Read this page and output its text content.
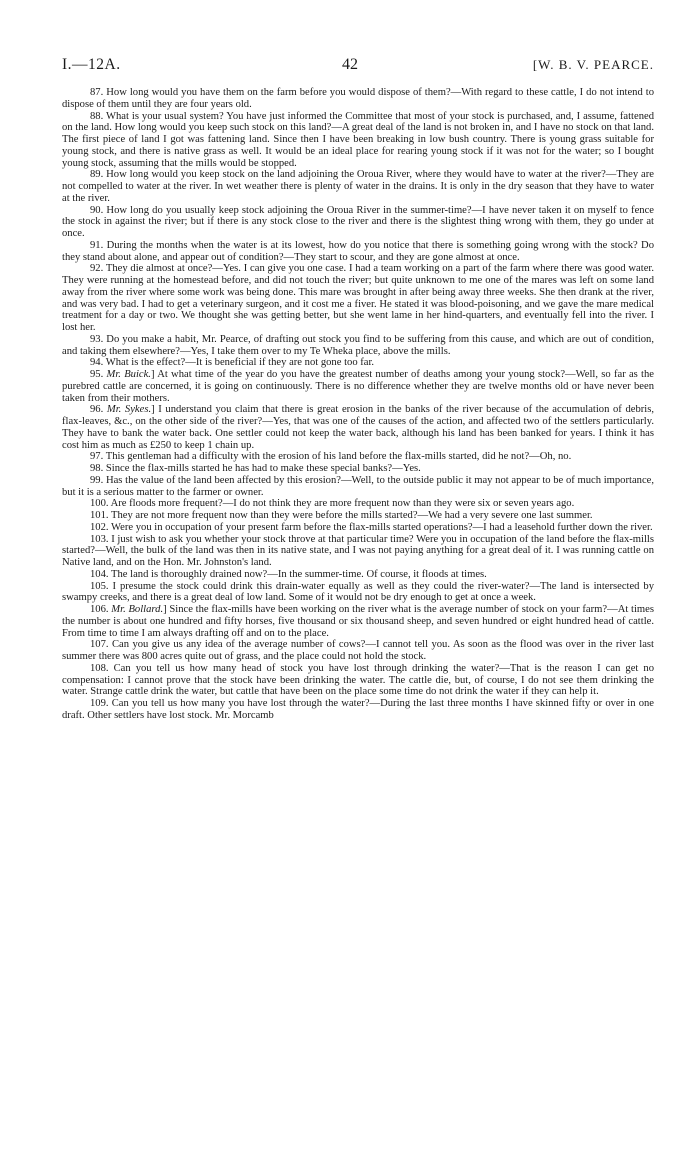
I.—12A.	42	[W. B. V. PEARCE.

87. How long would you have them on the farm before you would dispose of them?—With regard to these cattle, I do not intend to dispose of them until they are four years old.

88. What is your usual system? You have just informed the Committee that most of your stock is purchased, and, I assume, fattened on the land. How long would you keep such stock on this land?—A great deal of the land is not broken in, and I have no stock on that land. The first piece of land I got was fattening land. Since then I have been breaking in low bush country. There is young grass suitable for young stock, and there is native grass as well. It would be an ideal place for rearing young stock if it was not for the water; so I bought young stock, assuming that the mills would be stopped.

89. How long would you keep stock on the land adjoining the Oroua River, where they would have to water at the river?—They are not compelled to water at the river. In wet weather there is plenty of water in the drains. It is only in the dry season that they have to water at the river.

90. How long do you usually keep stock adjoining the Oroua River in the summer-time?—I have never taken it on myself to fence the stock in against the river; but if there is any stock close to the river and there is the slightest thing wrong with them, they go under at once.

91. During the months when the water is at its lowest, how do you notice that there is something going wrong with the stock? Do they stand about alone, and appear out of condition?—They start to scour, and they are gone almost at once.

92. They die almost at once?—Yes. I can give you one case. I had a team working on a part of the farm where there was good water. They were running at the homestead before, and did not touch the river; but quite unknown to me one of the mares was left on some land away from the river where some work was being done. This mare was brought in after being away three weeks. She then drank at the river, and was very bad. I had to get a veterinary surgeon, and it cost me a fiver. He stated it was blood-poisoning, and we gave the mare medical treatment for a day or two. We thought she was getting better, but she went lame in her hind-quarters, and eventually fell into the river. I lost her.

93. Do you make a habit, Mr. Pearce, of drafting out stock you find to be suffering from this cause, and which are out of condition, and taking them elsewhere?—Yes, I take them over to my Te Wheka place, above the mills.

94. What is the effect?—It is beneficial if they are not gone too far.

95. Mr. Buick.] At what time of the year do you have the greatest number of deaths among your young stock?—Well, so far as the purebred cattle are concerned, it is going on continuously. There is no difference whether they are twelve months old or have never been taken from their mothers.

96. Mr. Sykes.] I understand you claim that there is great erosion in the banks of the river because of the accumulation of debris, flax-leaves, &c., on the other side of the river?—Yes, that was one of the causes of the action, and affected two of the settlers particularly. They have to bank the water back. One settler could not keep the water back, although his land has been banked for years. I think it has cost him as much as £250 to keep 1 chain up.

97. This gentleman had a difficulty with the erosion of his land before the flax-mills started, did he not?—Oh, no.

98. Since the flax-mills started he has had to make these special banks?—Yes.

99. Has the value of the land been affected by this erosion?—Well, to the outside public it may not appear to be of much importance, but it is a serious matter to the farmer or owner.

100. Are floods more frequent?—I do not think they are more frequent now than they were six or seven years ago.

101. They are not more frequent now than they were before the mills started?—We had a very severe one last summer.

102. Were you in occupation of your present farm before the flax-mills started operations?—I had a leasehold further down the river.

103. I just wish to ask you whether your stock throve at that particular time? Were you in occupation of the land before the flax-mills started?—Well, the bulk of the land was then in its native state, and I was not paying anything for a great deal of it. I was running cattle on Native land, and on the Hon. Mr. Johnston's land.

104. The land is thoroughly drained now?—In the summer-time. Of course, it floods at times.

105. I presume the stock could drink this drain-water equally as well as they could the river-water?—The land is intersected by swampy creeks, and there is a great deal of low land. Some of it would not be dry enough to get at once a week.

106. Mr. Bollard.] Since the flax-mills have been working on the river what is the average number of stock on your farm?—At times the number is about one hundred and fifty horses, five thousand or six thousand sheep, and seven hundred or eight hundred head of cattle. From time to time I am always drafting off and on to the place.

107. Can you give us any idea of the average number of cows?—I cannot tell you. As soon as the flood was over in the river last summer there was 800 acres quite out of grass, and the place could not hold the stock.

108. Can you tell us how many head of stock you have lost through drinking the water?—That is the reason I can get no compensation: I cannot prove that the stock have been drinking the water. The cattle die, but, of course, I do not see them drinking the water. Strange cattle drink the water, but cattle that have been on the place some time do not drink the water if they can help it.

109. Can you tell us how many you have lost through the water?—During the last three months I have skinned fifty or over in one draft. Other settlers have lost stock. Mr. Morcamb
